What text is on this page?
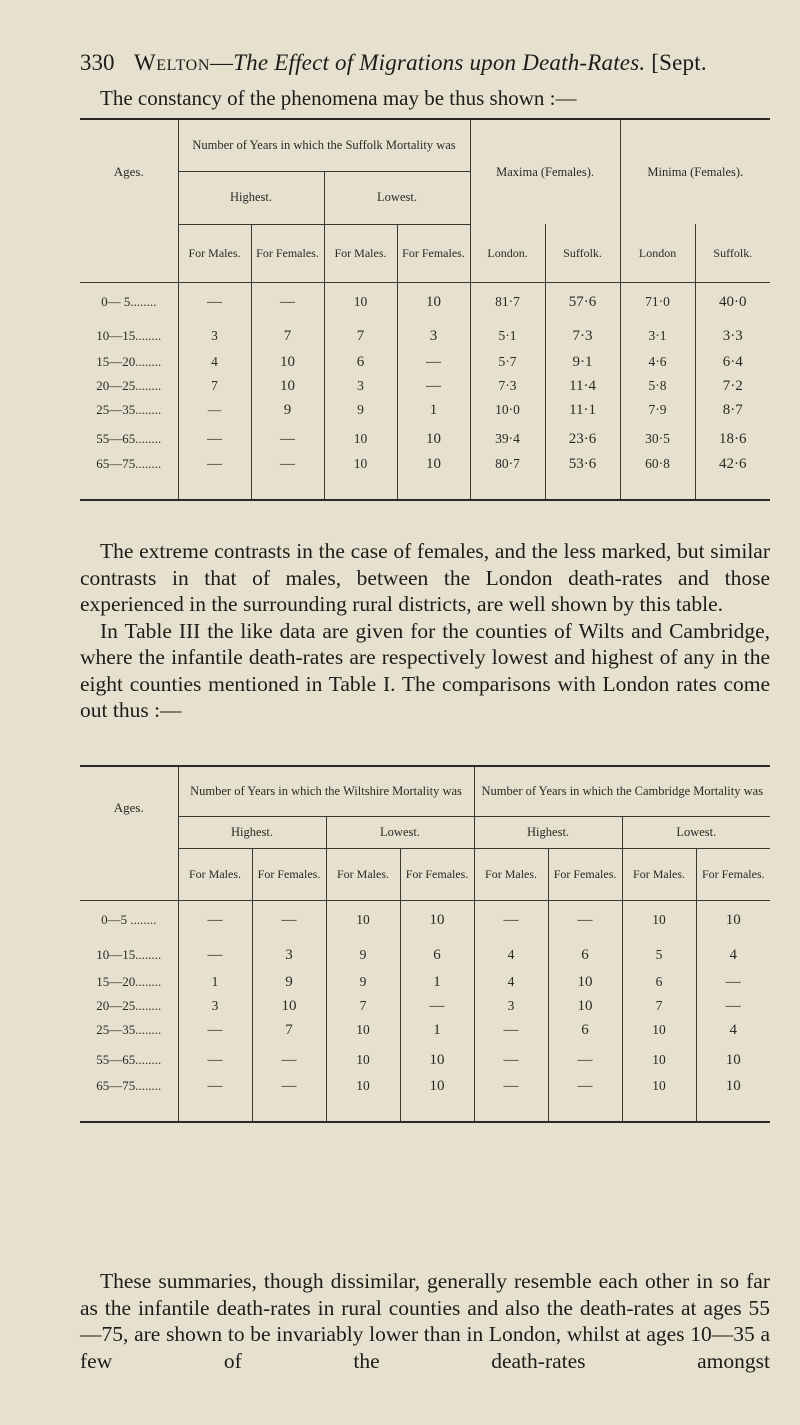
330 Welton—The Effect of Migrations upon Death-Rates. [Sept.
The constancy of the phenomena may be thus shown :—
Ages.	Number of Years in which the Suffolk Mortality was				Maxima (Females).		Minima (Females).	
	Highest.		Lowest.					
	For Males.	For Females.	For Males.	For Females.	London.	Suffolk.	London	Suffolk.
0— 5........	—	—	10	10	81·7	57·6	71·0	40·0
10—15........	3	7	7	3	5·1	7·3	3·1	3·3
15—20........	4	10	6	—	5·7	9·1	4·6	6·4
20—25........	7	10	3	—	7·3	11·4	5·8	7·2
25—35........	—	9	9	1	10·0	11·1	7·9	8·7
55—65........	—	—	10	10	39·4	23·6	30·5	18·6
65—75........	—	—	10	10	80·7	53·6	60·8	42·6

The extreme contrasts in the case of females, and the less marked, but similar contrasts in that of males, between the London death-rates and those experienced in the surrounding rural districts, are well shown by this table.

In Table III the like data are given for the counties of Wilts and Cambridge, where the infantile death-rates are respectively lowest and highest of any in the eight counties mentioned in Table I. The comparisons with London rates come out thus :—

Ages.	Number of Years in which the Wiltshire Mortality was				Number of Years in which the Cambridge Mortality was			
	Highest.		Lowest.		Highest.		Lowest.	
	For Males.	For Females.	For Males.	For Females.	For Males.	For Females.	For Males.	For Females.
0—5 ........	—	—	10	10	—	—	10	10
10—15........	—	3	9	6	4	6	5	4
15—20........	1	9	9	1	4	10	6	—
20—25........	3	10	7	—	3	10	7	—
25—35........	—	7	10	1	—	6	10	4
55—65........	—	—	10	10	—	—	10	10
65—75........	—	—	10	10	—	—	10	10

These summaries, though dissimilar, generally resemble each other in so far as the infantile death-rates in rural counties and also the death-rates at ages 55—75, are shown to be invariably lower than in London, whilst at ages 10—35 a few of the death-rates amongst
